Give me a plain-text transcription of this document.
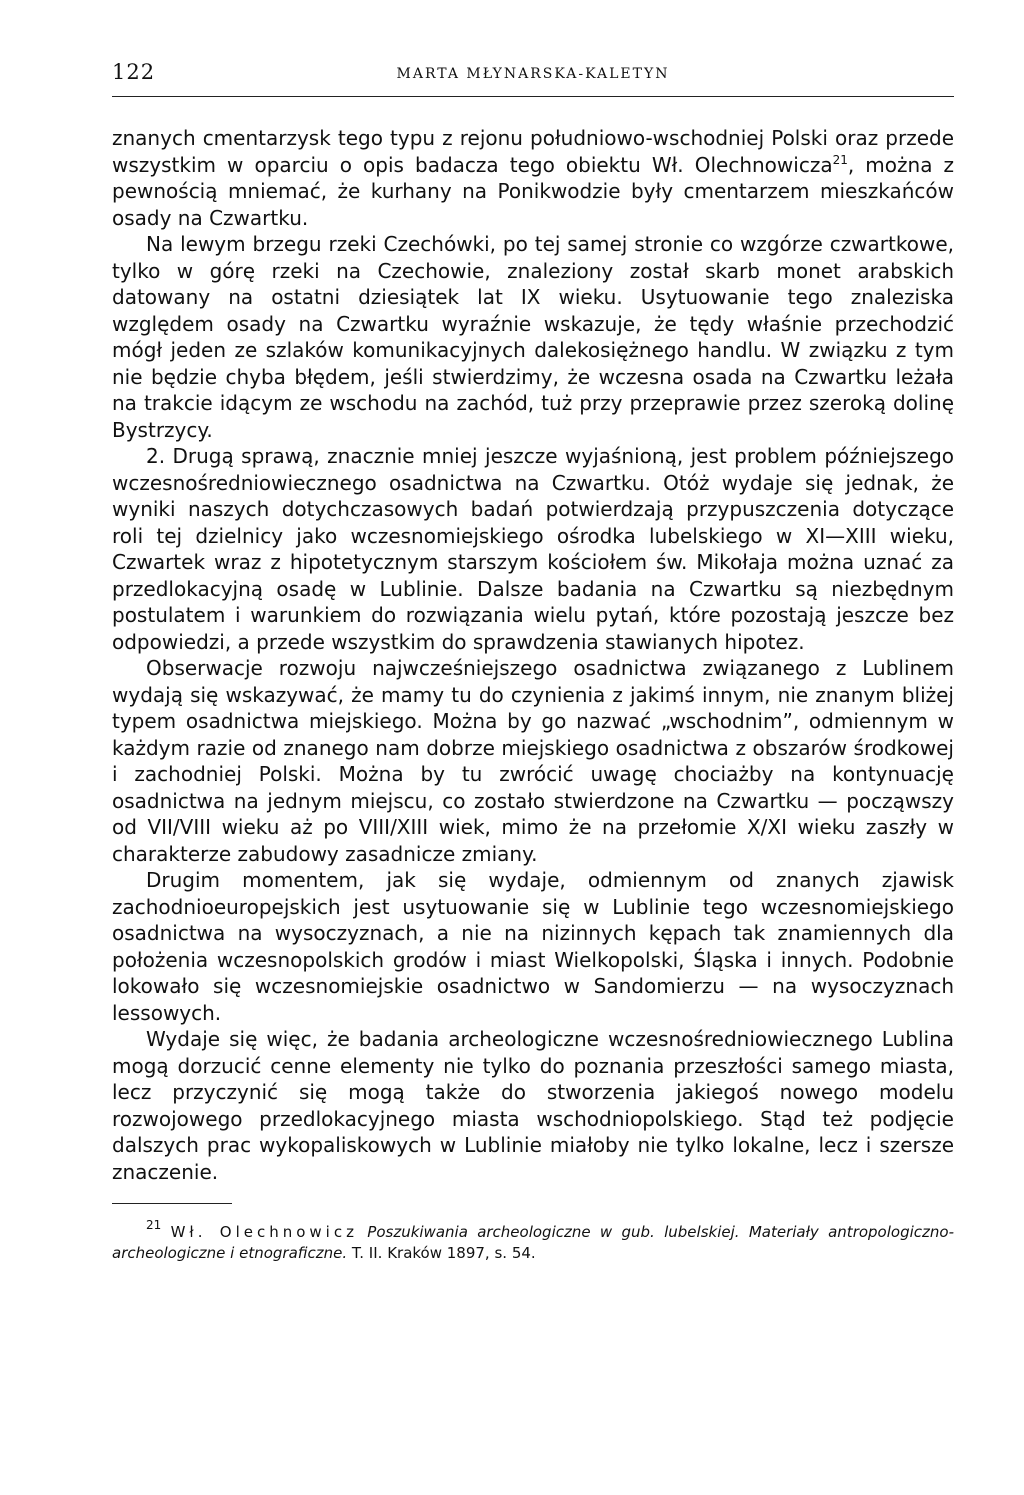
122	MARTA MŁYNARSKA-KALETYN

znanych cmentarzysk tego typu z rejonu południowo-wschodniej Polski oraz przede wszystkim w oparciu o opis badacza tego obiektu Wł. Olechnowicza$^{21}$, można z pewnością mniemać, że kurhany na Ponikwodzie były cmentarzem mieszkańców osady na Czwartku.

Na lewym brzegu rzeki Czechówki, po tej samej stronie co wzgórze czwartkowe, tylko w górę rzeki na Czechowie, znaleziony został skarb monet arabskich datowany na ostatni dziesiątek lat IX wieku. Usytuowanie tego znaleziska względem osady na Czwartku wyraźnie wskazuje, że tędy właśnie przechodzić mógł jeden ze szlaków komunikacyjnych dalekosiężnego handlu. W związku z tym nie będzie chyba błędem, jeśli stwierdzimy, że wczesna osada na Czwartku leżała na trakcie idącym ze wschodu na zachód, tuż przy przeprawie przez szeroką dolinę Bystrzycy.

2. Drugą sprawą, znacznie mniej jeszcze wyjaśnioną, jest problem późniejszego wczesnośredniowiecznego osadnictwa na Czwartku. Otóż wydaje się jednak, że wyniki naszych dotychczasowych badań potwierdzają przypuszczenia dotyczące roli tej dzielnicy jako wczesnomiejskiego ośrodka lubelskiego w XI—XIII wieku, Czwartek wraz z hipotetycznym starszym kościołem św. Mikołaja można uznać za przedlokacyjną osadę w Lublinie. Dalsze badania na Czwartku są niezbędnym postulatem i warunkiem do rozwiązania wielu pytań, które pozostają jeszcze bez odpowiedzi, a przede wszystkim do sprawdzenia stawianych hipotez.

Obserwacje rozwoju najwcześniejszego osadnictwa związanego z Lublinem wydają się wskazywać, że mamy tu do czynienia z jakimś innym, nie znanym bliżej typem osadnictwa miejskiego. Można by go nazwać „wschodnim”, odmiennym w każdym razie od znanego nam dobrze miejskiego osadnictwa z obszarów środkowej i zachodniej Polski. Można by tu zwrócić uwagę chociażby na kontynuację osadnictwa na jednym miejscu, co zostało stwierdzone na Czwartku — począwszy od VII/VIII wieku aż po VIII/XIII wiek, mimo że na przełomie X/XI wieku zaszły w charakterze zabudowy zasadnicze zmiany.

Drugim momentem, jak się wydaje, odmiennym od znanych zjawisk zachodnioeuropejskich jest usytuowanie się w Lublinie tego wczesnomiejskiego osadnictwa na wysoczyznach, a nie na nizinnych kępach tak znamiennych dla położenia wczesnopolskich grodów i miast Wielkopolski, Śląska i innych. Podobnie lokowało się wczesnomiejskie osadnictwo w Sandomierzu — na wysoczyznach lessowych.

Wydaje się więc, że badania archeologiczne wczesnośredniowiecznego Lublina mogą dorzucić cenne elementy nie tylko do poznania przeszłości samego miasta, lecz przyczynić się mogą także do stworzenia jakiegoś nowego modelu rozwojowego przedlokacyjnego miasta wschodniopolskiego. Stąd też podjęcie dalszych prac wykopaliskowych w Lublinie miałoby nie tylko lokalne, lecz i szersze znaczenie.

$^{21}$ Wł. Olechnowicz Poszukiwania archeologiczne w gub. lubelskiej. Materiały antropologiczno-archeologiczne i etnograficzne. T. II. Kraków 1897, s. 54.
